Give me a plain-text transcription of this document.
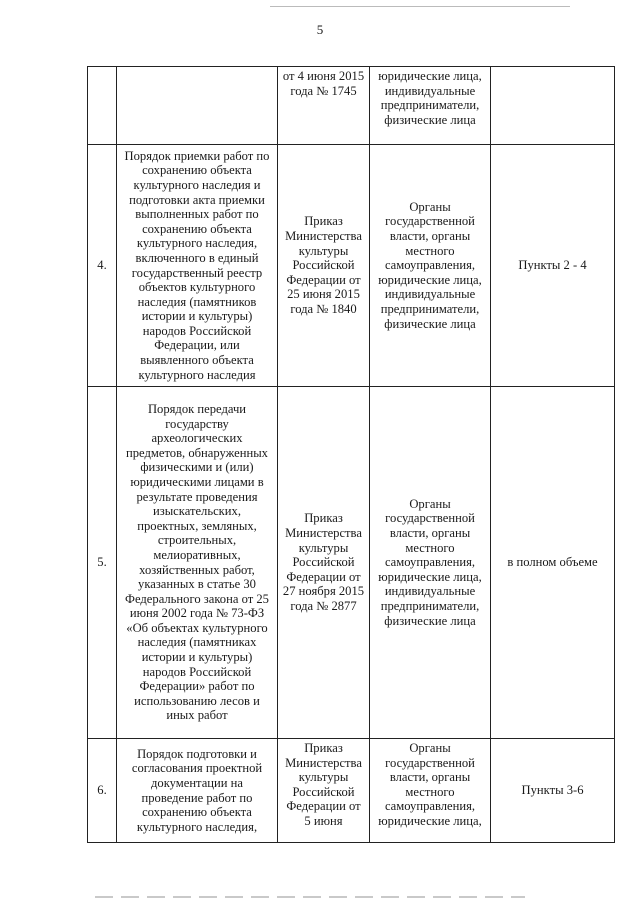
5
		от 4 июня 2015 года № 1745	юридические лица, индивидуальные предприниматели, физические лица	
4.	Порядок приемки работ по сохранению объекта культурного наследия и подготовки акта приемки выполненных работ по сохранению объекта культурного наследия, включенного в единый государственный реестр объектов культурного наследия (памятников истории и культуры) народов Российской Федерации, или выявленного объекта культурного наследия	Приказ Министерства культуры Российской Федерации от 25 июня 2015 года № 1840	Органы государственной власти, органы местного самоуправления, юридические лица, индивидуальные предприниматели, физические лица	Пункты 2 - 4
5.	Порядок передачи государству археологических предметов, обнаруженных физическими и (или) юридическими лицами в результате проведения изыскательских, проектных, земляных, строительных, мелиоративных, хозяйственных работ, указанных в статье 30 Федерального закона от 25 июня 2002 года № 73-ФЗ «Об объектах культурного наследия (памятниках истории и культуры) народов Российской Федерации» работ по использованию лесов и иных работ	Приказ Министерства культуры Российской Федерации от 27 ноября 2015 года № 2877	Органы государственной власти, органы местного самоуправления, юридические лица, индивидуальные предприниматели, физические лица	в полном объеме
6.	Порядок подготовки и согласования проектной документации на проведение работ по сохранению объекта культурного наследия,	Приказ Министерства культуры Российской Федерации от 5 июня	Органы государственной власти, органы местного самоуправления, юридические лица,	Пункты 3-6
